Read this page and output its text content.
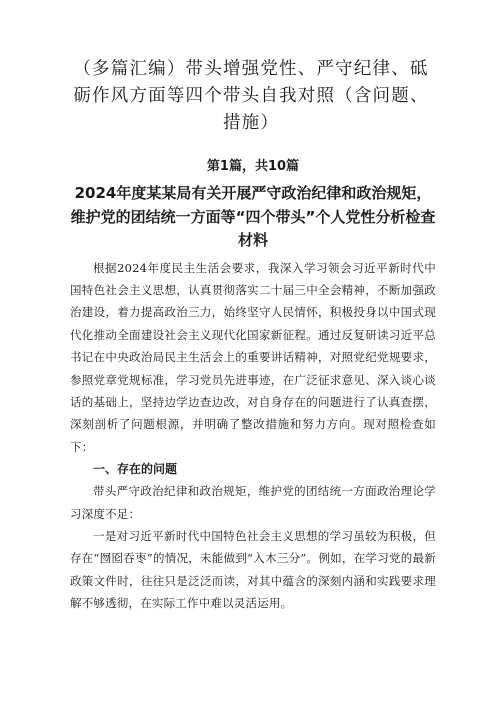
（多篇汇编）带头增强党性、严守纪律、砥砺作风方面等四个带头自我对照（含问题、措施）
第1篇，共10篇
2024年度某某局有关开展严守政治纪律和政治规矩，维护党的团结统一方面等“四个带头”个人党性分析检查材料

根据2024年度民主生活会要求，我深入学习领会习近平新时代中国特色社会主义思想，认真贯彻落实二十届三中全会精神，不断加强政治建设，着力提高政治三力，始终坚守人民情怀，积极投身以中国式现代化推动全面建设社会主义现代化国家新征程。通过反复研读习近平总书记在中央政治局民主生活会上的重要讲话精神，对照党纪党规要求，参照党章党规标准，学习党员先进事迹，在广泛征求意见、深入谈心谈话的基础上，坚持边学边查边改，对自身存在的问题进行了认真查摆，深刻剖析了问题根源，并明确了整改措施和努力方向。现对照检查如下：

一、存在的问题

带头严守政治纪律和政治规矩，维护党的团结统一方面政治理论学习深度不足：

一是对习近平新时代中国特色社会主义思想的学习虽较为积极，但存在“囫囵吞枣”的情况，未能做到“入木三分”。例如，在学习党的最新政策文件时，往往只是泛泛而读，对其中蕴含的深刻内涵和实践要求理解不够透彻，在实际工作中难以灵活运用。
